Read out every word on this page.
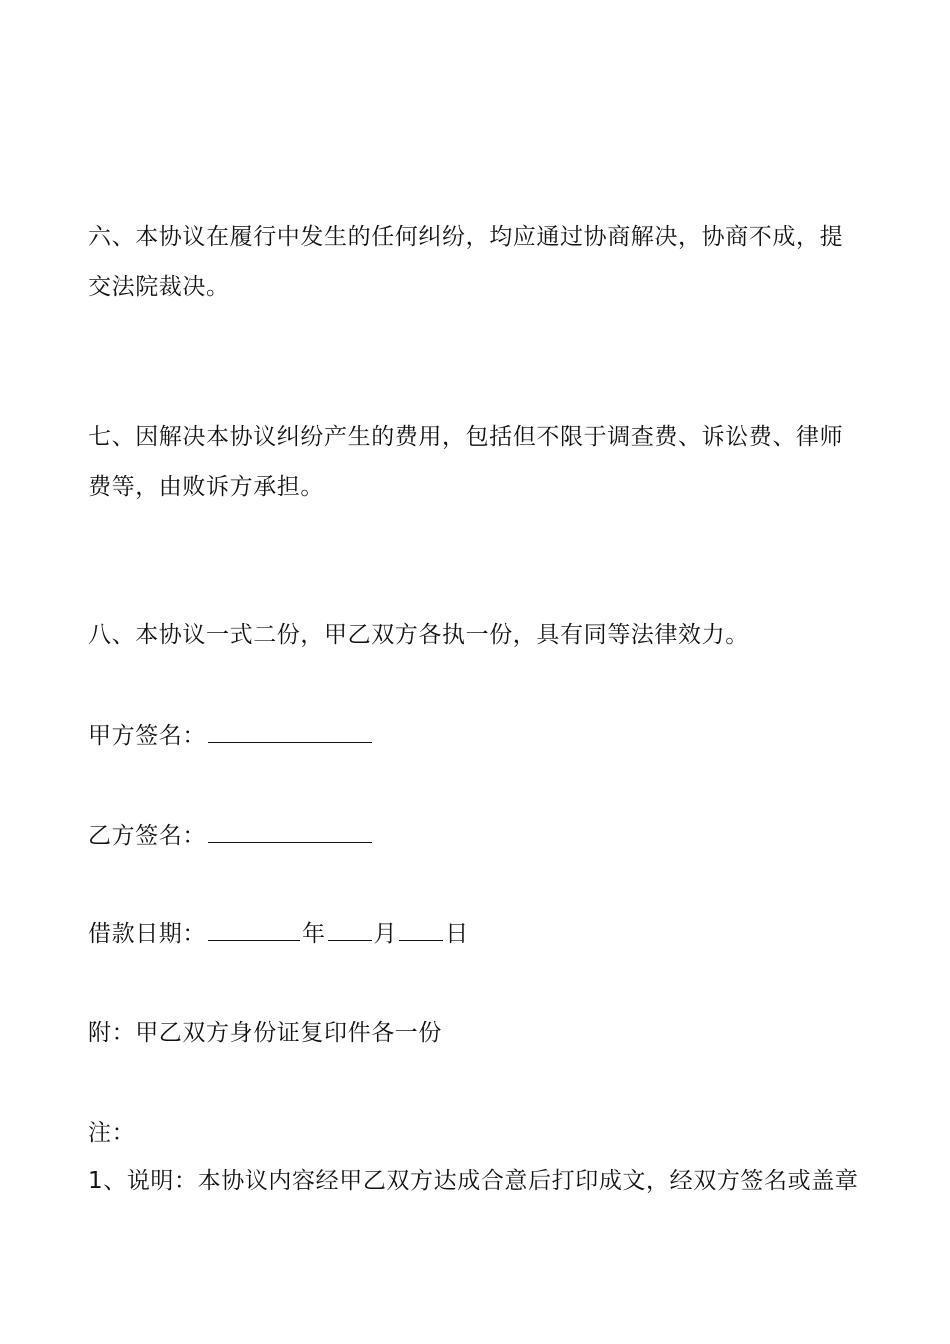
六、本协议在履行中发生的任何纠纷，均应通过协商解决，协商不成，提
交法院裁决。
七、因解决本协议纠纷产生的费用，包括但不限于调查费、诉讼费、律师
费等，由败诉方承担。
八、本协议一式二份，甲乙双方各执一份，具有同等法律效力。
甲方签名：
乙方签名：
借款日期：	年 月 日
附：甲乙双方身份证复印件各一份
注：
1、说明：本协议内容经甲乙双方达成合意后打印成文，经双方签名或盖章
